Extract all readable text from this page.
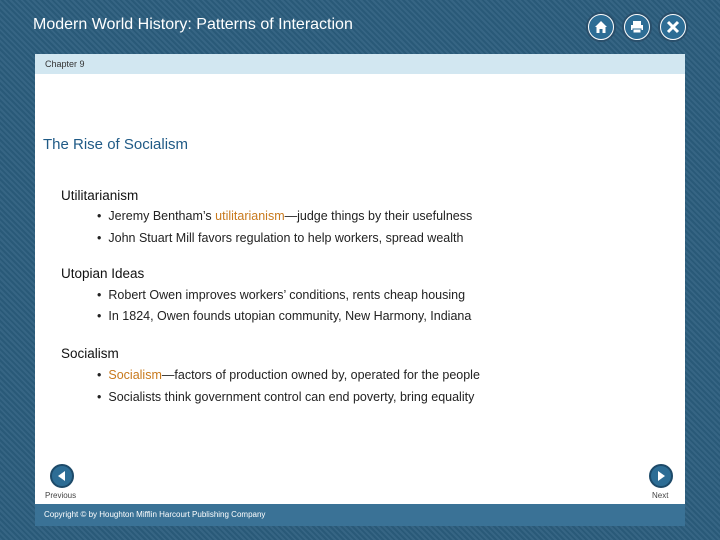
Modern World History: Patterns of Interaction
Chapter 9
The Rise of Socialism
Utilitarianism
• Jeremy Bentham’s utilitarianism—judge things by their usefulness
• John Stuart Mill favors regulation to help workers, spread wealth
Utopian Ideas
• Robert Owen improves workers’ conditions, rents cheap housing
• In 1824, Owen founds utopian community, New Harmony, Indiana
Socialism
• Socialism—factors of production owned by, operated for the people
• Socialists think government control can end poverty, bring equality
Previous	Next
Copyright © by Houghton Mifflin Harcourt Publishing Company
